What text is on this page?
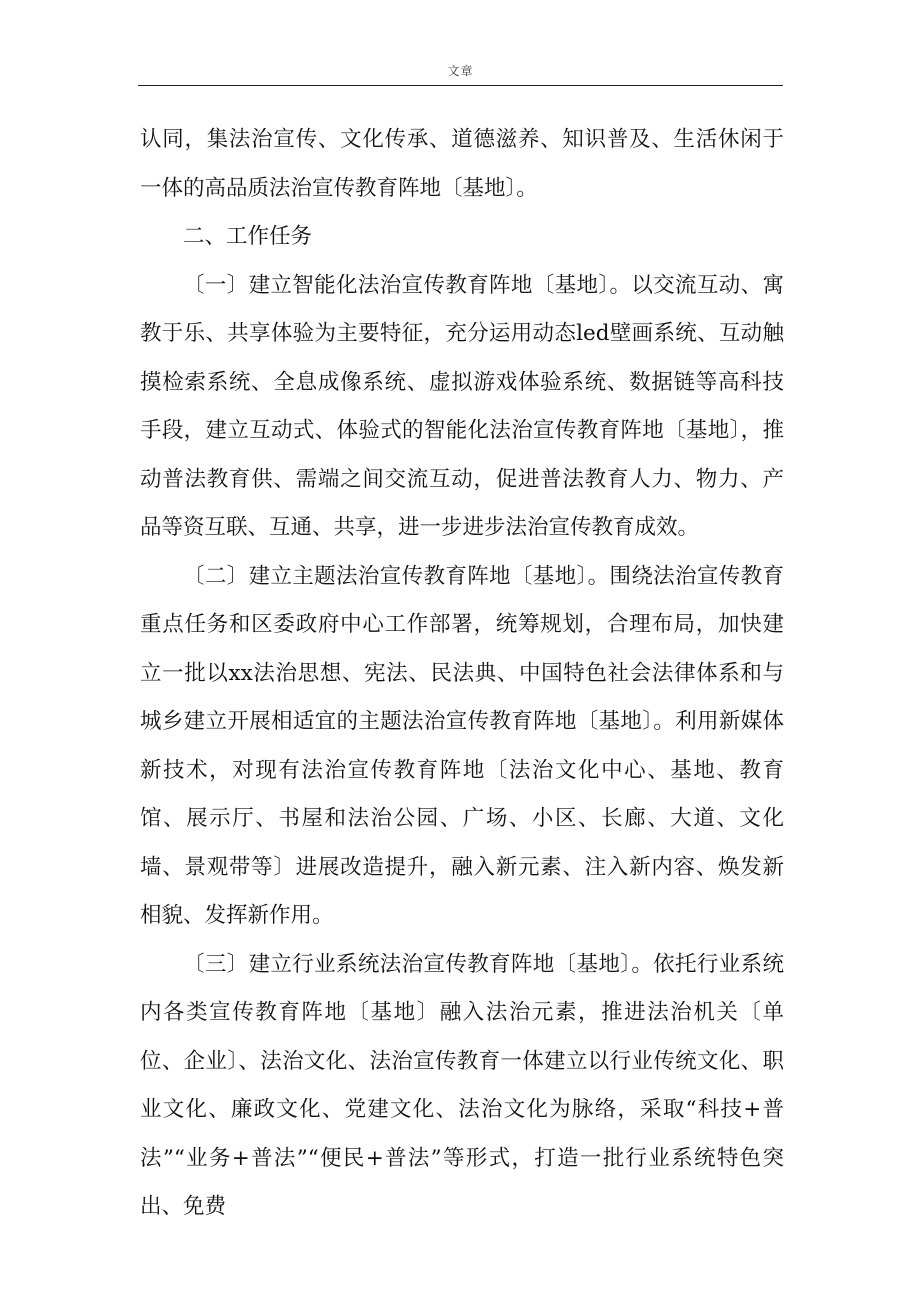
文章

认同，集法治宣传、文化传承、道德滋养、知识普及、生活休闲于一体的高品质法治宣传教育阵地〔基地〕。

二、工作任务

〔一〕建立智能化法治宣传教育阵地〔基地〕。以交流互动、寓教于乐、共享体验为主要特征，充分运用动态led壁画系统、互动触摸检索系统、全息成像系统、虚拟游戏体验系统、数据链等高科技手段，建立互动式、体验式的智能化法治宣传教育阵地〔基地〕，推动普法教育供、需端之间交流互动，促进普法教育人力、物力、产品等资互联、互通、共享，进一步进步法治宣传教育成效。

〔二〕建立主题法治宣传教育阵地〔基地〕。围绕法治宣传教育重点任务和区委政府中心工作部署，统筹规划，合理布局，加快建立一批以xx法治思想、宪法、民法典、中国特色社会法律体系和与城乡建立开展相适宜的主题法治宣传教育阵地〔基地〕。利用新媒体新技术，对现有法治宣传教育阵地〔法治文化中心、基地、教育馆、展示厅、书屋和法治公园、广场、小区、长廊、大道、文化墙、景观带等〕进展改造提升，融入新元素、注入新内容、焕发新相貌、发挥新作用。

〔三〕建立行业系统法治宣传教育阵地〔基地〕。依托行业系统内各类宣传教育阵地〔基地〕融入法治元素，推进法治机关〔单位、企业〕、法治文化、法治宣传教育一体建立以行业传统文化、职业文化、廉政文化、党建文化、法治文化为脉络，采取“科技+普法”“业务+普法”“便民+普法”等形式，打造一批行业系统特色突出、免费
